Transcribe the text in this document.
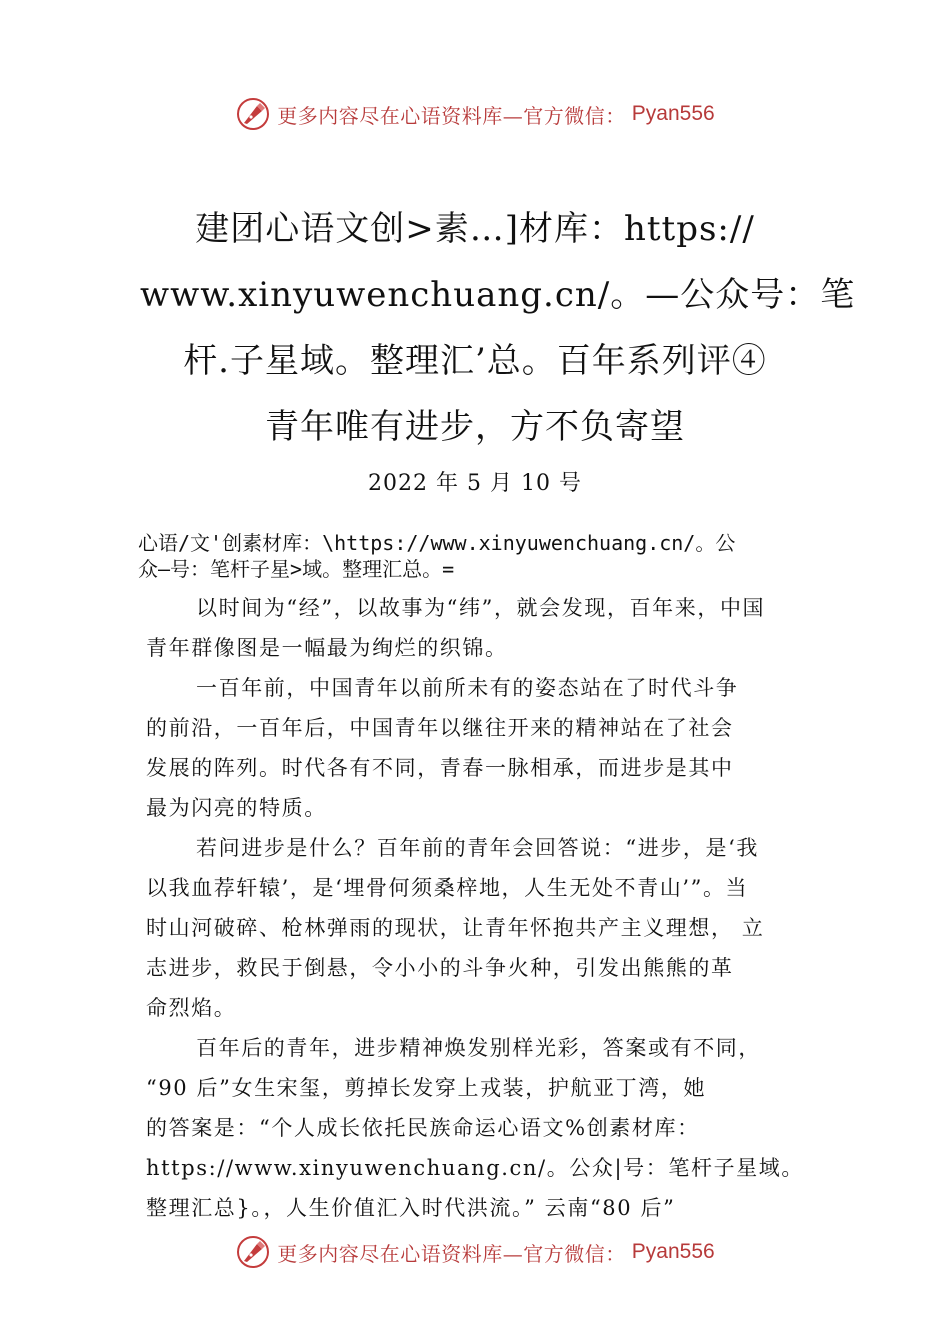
更多内容尽在心语资料库—官方微信： Pyan556
建团心语文创>素…]材库：https://
www.xinyuwenchuang.cn/。—公众号：笔
杆.子星域。整理汇’总。百年系列评④
青年唯有进步，方不负寄望
2022 年 5 月 10 号
心语/文'创素材库：\https://www.xinyuwenchuang.cn/。公
众—号：笔杆子星>域。整理汇总。=

以时间为“经”，以故事为“纬”，就会发现，百年来，中国
青年群像图是一幅最为绚烂的织锦。

一百年前，中国青年以前所未有的姿态站在了时代斗争
的前沿，一百年后，中国青年以继往开来的精神站在了社会
发展的阵列。时代各有不同，青春一脉相承，而进步是其中
最为闪亮的特质。

若问进步是什么？百年前的青年会回答说：“进步，是‘我
以我血荐轩辕’，是‘埋骨何须桑梓地，人生无处不青山’”。当
时山河破碎、枪林弹雨的现状，让青年怀抱共产主义理想， 立
志进步，救民于倒悬，令小小的斗争火种，引发出熊熊的革
命烈焰。

百年后的青年，进步精神焕发别样光彩，答案或有不同，
“90 后”女生宋玺，剪掉长发穿上戎装，护航亚丁湾，她
的答案是：“个人成长依托民族命运心语文%创素材库：
https://www.xinyuwenchuang.cn/。公众|号：笔杆子星域。
整理汇总}。，人生价值汇入时代洪流。” 云南“80 后”

更多内容尽在心语资料库—官方微信： Pyan556
